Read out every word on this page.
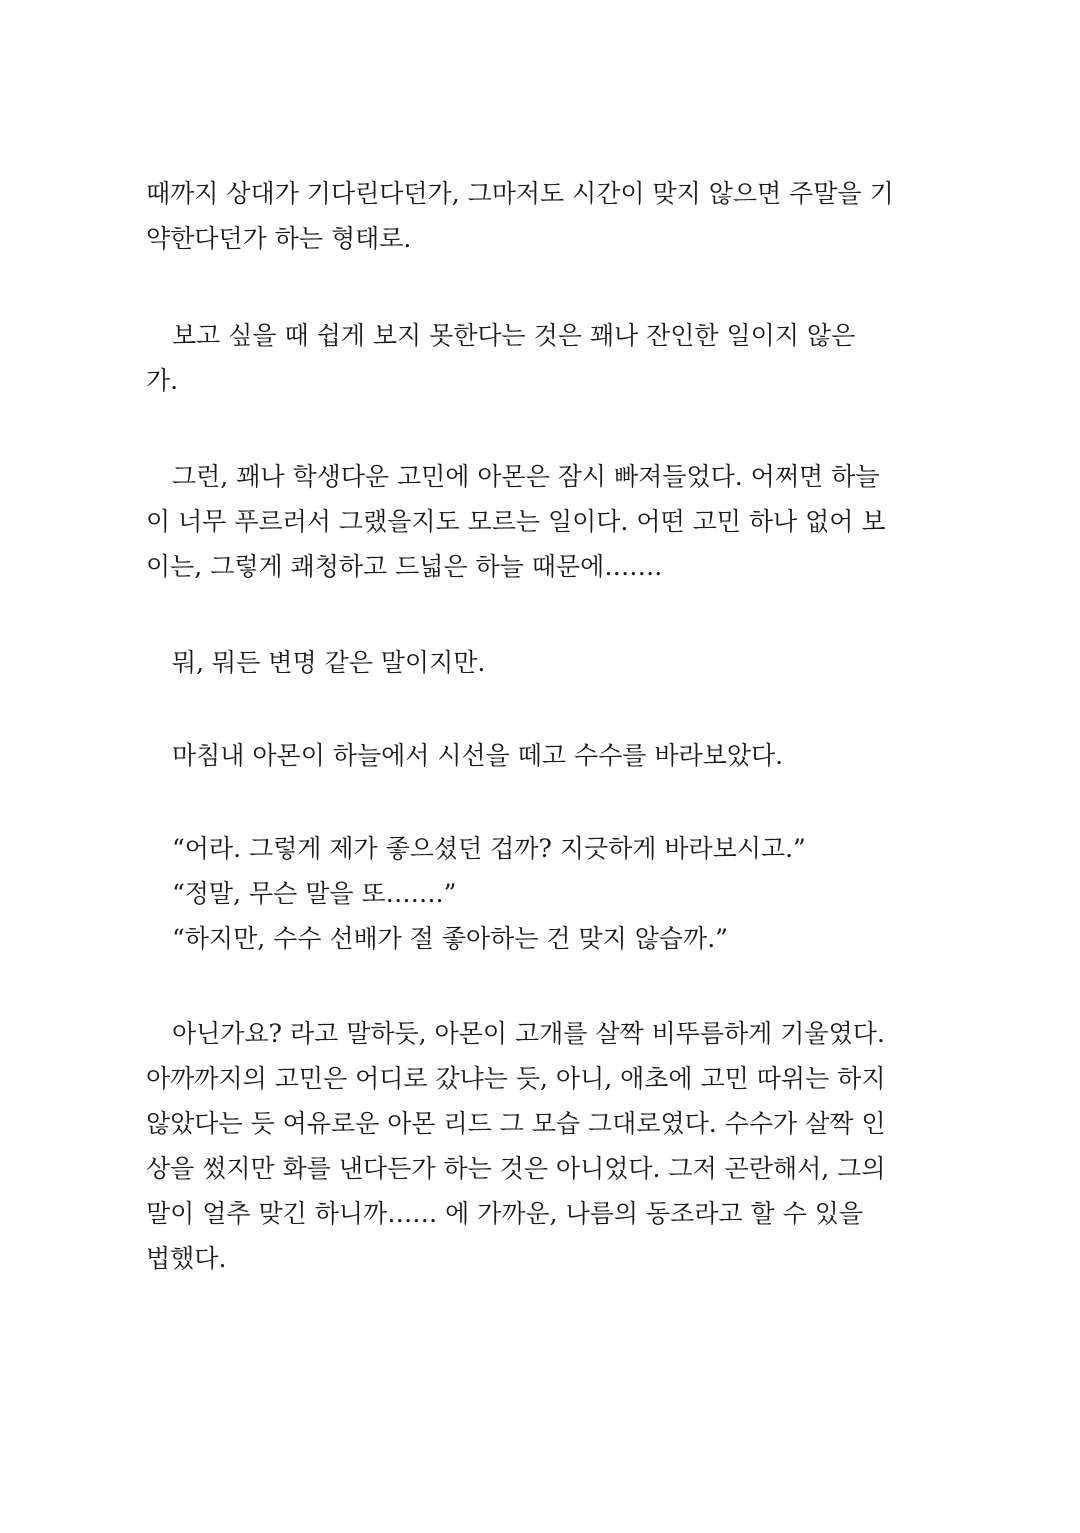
때까지 상대가 기다린다던가, 그마저도 시간이 맞지 않으면 주말을 기
약한다던가 하는 형태로.
보고 싶을 때 쉽게 보지 못한다는 것은 꽤나 잔인한 일이지 않은
가.
그런, 꽤나 학생다운 고민에 아몬은 잠시 빠져들었다. 어쩌면 하늘
이 너무 푸르러서 그랬을지도 모르는 일이다. 어떤 고민 하나 없어 보
이는, 그렇게 쾌청하고 드넓은 하늘 때문에…….
뭐, 뭐든 변명 같은 말이지만.
마침내 아몬이 하늘에서 시선을 떼고 수수를 바라보았다.
“어라. 그렇게 제가 좋으셨던 겁까? 지긋하게 바라보시고.”
“정말, 무슨 말을 또…….”
“하지만, 수수 선배가 절 좋아하는 건 맞지 않습까.”
아닌가요? 라고 말하듯, 아몬이 고개를 살짝 비뚜름하게 기울였다.
아까까지의 고민은 어디로 갔냐는 듯, 아니, 애초에 고민 따위는 하지
않았다는 듯 여유로운 아몬 리드 그 모습 그대로였다. 수수가 살짝 인
상을 썼지만 화를 낸다든가 하는 것은 아니었다. 그저 곤란해서, 그의
말이 얼추 맞긴 하니까…… 에 가까운, 나름의 동조라고 할 수 있을
법했다.
